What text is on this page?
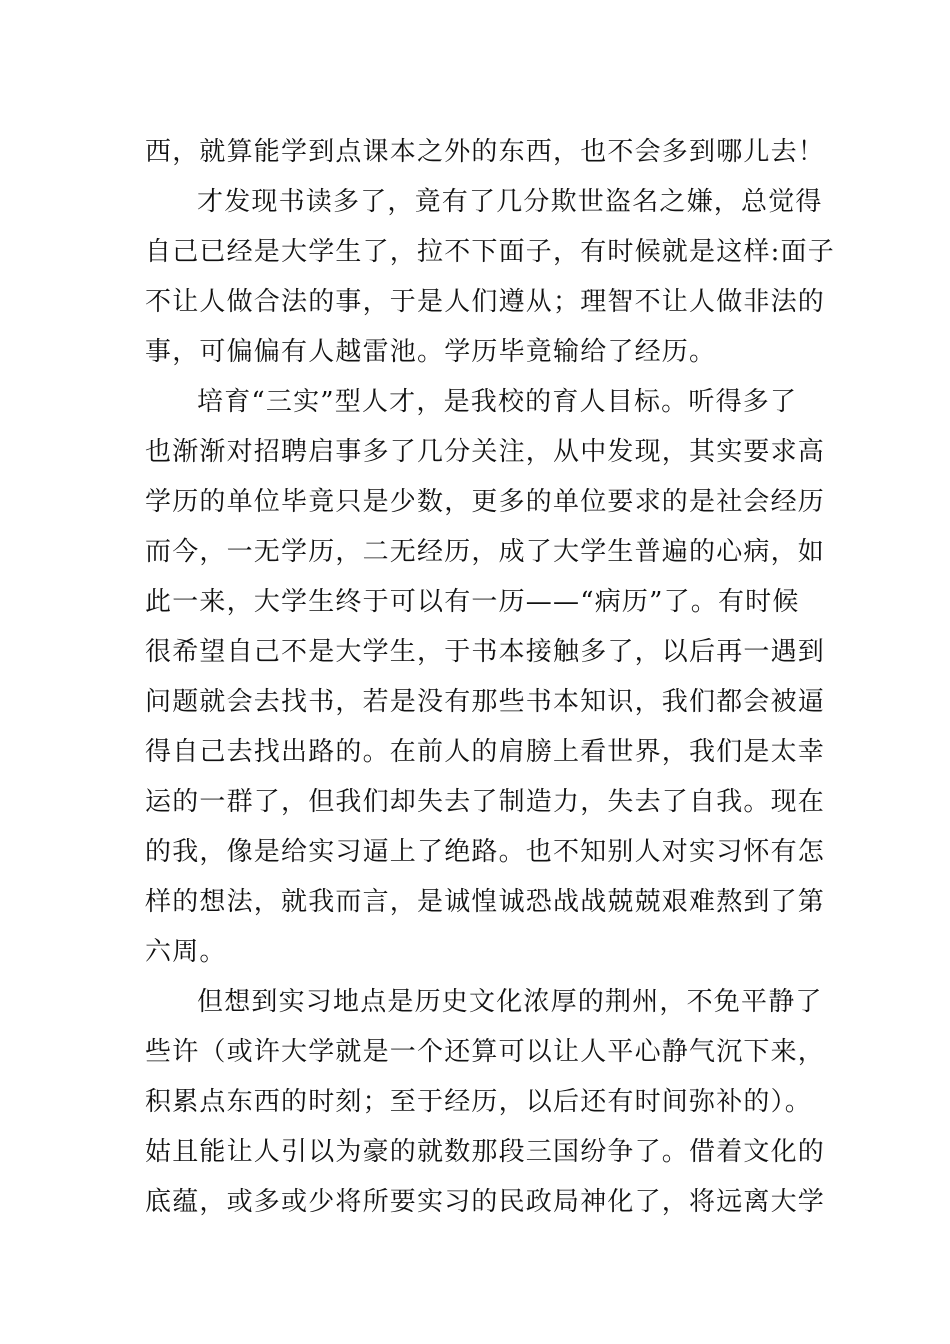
西，就算能学到点课本之外的东西，也不会多到哪儿去！
才发现书读多了，竟有了几分欺世盗名之嫌，总觉得
自己已经是大学生了，拉不下面子，有时候就是这样:面子
不让人做合法的事，于是人们遵从；理智不让人做非法的
事，可偏偏有人越雷池。学历毕竟输给了经历。
培育“三实”型人才，是我校的育人目标。听得多了
也渐渐对招聘启事多了几分关注，从中发现，其实要求高
学历的单位毕竟只是少数，更多的单位要求的是社会经历
而今，一无学历，二无经历，成了大学生普遍的心病，如
此一来，大学生终于可以有一历——“病历”了。有时候
很希望自己不是大学生，于书本接触多了，以后再一遇到
问题就会去找书，若是没有那些书本知识，我们都会被逼
得自己去找出路的。在前人的肩膀上看世界，我们是太幸
运的一群了，但我们却失去了制造力，失去了自我。现在
的我，像是给实习逼上了绝路。也不知别人对实习怀有怎
样的想法，就我而言，是诚惶诚恐战战兢兢艰难熬到了第
六周。
但想到实习地点是历史文化浓厚的荆州，不免平静了
些许（或许大学就是一个还算可以让人平心静气沉下来，
积累点东西的时刻；至于经历，以后还有时间弥补的）。
姑且能让人引以为豪的就数那段三国纷争了。借着文化的
底蕴，或多或少将所要实习的民政局神化了，将远离大学
